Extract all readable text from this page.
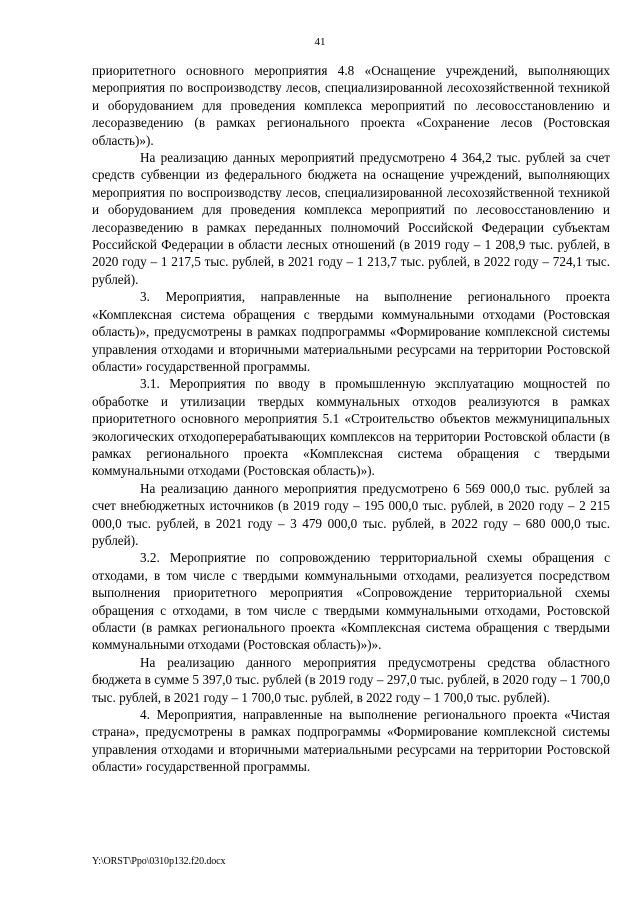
41

приоритетного основного мероприятия 4.8 «Оснащение учреждений, выполняющих мероприятия по воспроизводству лесов, специализированной лесохозяйственной техникой и оборудованием для проведения комплекса мероприятий по лесовосстановлению и лесоразведению (в рамках регионального проекта «Сохранение лесов (Ростовская область)»).

На реализацию данных мероприятий предусмотрено 4 364,2 тыс. рублей за счет средств субвенции из федерального бюджета на оснащение учреждений, выполняющих мероприятия по воспроизводству лесов, специализированной лесохозяйственной техникой и оборудованием для проведения комплекса мероприятий по лесовосстановлению и лесоразведению в рамках переданных полномочий Российской Федерации субъектам Российской Федерации в области лесных отношений (в 2019 году – 1 208,9 тыс. рублей, в 2020 году – 1 217,5 тыс. рублей, в 2021 году – 1 213,7 тыс. рублей, в 2022 году – 724,1 тыс. рублей).

3. Мероприятия, направленные на выполнение регионального проекта «Комплексная система обращения с твердыми коммунальными отходами (Ростовская область)», предусмотрены в рамках подпрограммы «Формирование комплексной системы управления отходами и вторичными материальными ресурсами на территории Ростовской области» государственной программы.

3.1. Мероприятия по вводу в промышленную эксплуатацию мощностей по обработке и утилизации твердых коммунальных отходов реализуются в рамках приоритетного основного мероприятия 5.1 «Строительство объектов межмуниципальных экологических отходоперерабатывающих комплексов на территории Ростовской области (в рамках регионального проекта «Комплексная система обращения с твердыми коммунальными отходами (Ростовская область)»).

На реализацию данного мероприятия предусмотрено 6 569 000,0 тыс. рублей за счет внебюджетных источников (в 2019 году – 195 000,0 тыс. рублей, в 2020 году – 2 215 000,0 тыс. рублей, в 2021 году – 3 479 000,0 тыс. рублей, в 2022 году – 680 000,0 тыс. рублей).

3.2. Мероприятие по сопровождению территориальной схемы обращения с отходами, в том числе с твердыми коммунальными отходами, реализуется посредством выполнения приоритетного мероприятия «Сопровождение территориальной схемы обращения с отходами, в том числе с твердыми коммунальными отходами, Ростовской области (в рамках регионального проекта «Комплексная система обращения с твердыми коммунальными отходами (Ростовская область)»)».

На реализацию данного мероприятия предусмотрены средства областного бюджета в сумме 5 397,0 тыс. рублей (в 2019 году – 297,0 тыс. рублей, в 2020 году – 1 700,0 тыс. рублей, в 2021 году – 1 700,0 тыс. рублей, в 2022 году – 1 700,0 тыс. рублей).

4. Мероприятия, направленные на выполнение регионального проекта «Чистая страна», предусмотрены в рамках подпрограммы «Формирование комплексной системы управления отходами и вторичными материальными ресурсами на территории Ростовской области» государственной программы.

Y:\ORST\Ppo\0310p132.f20.docx
